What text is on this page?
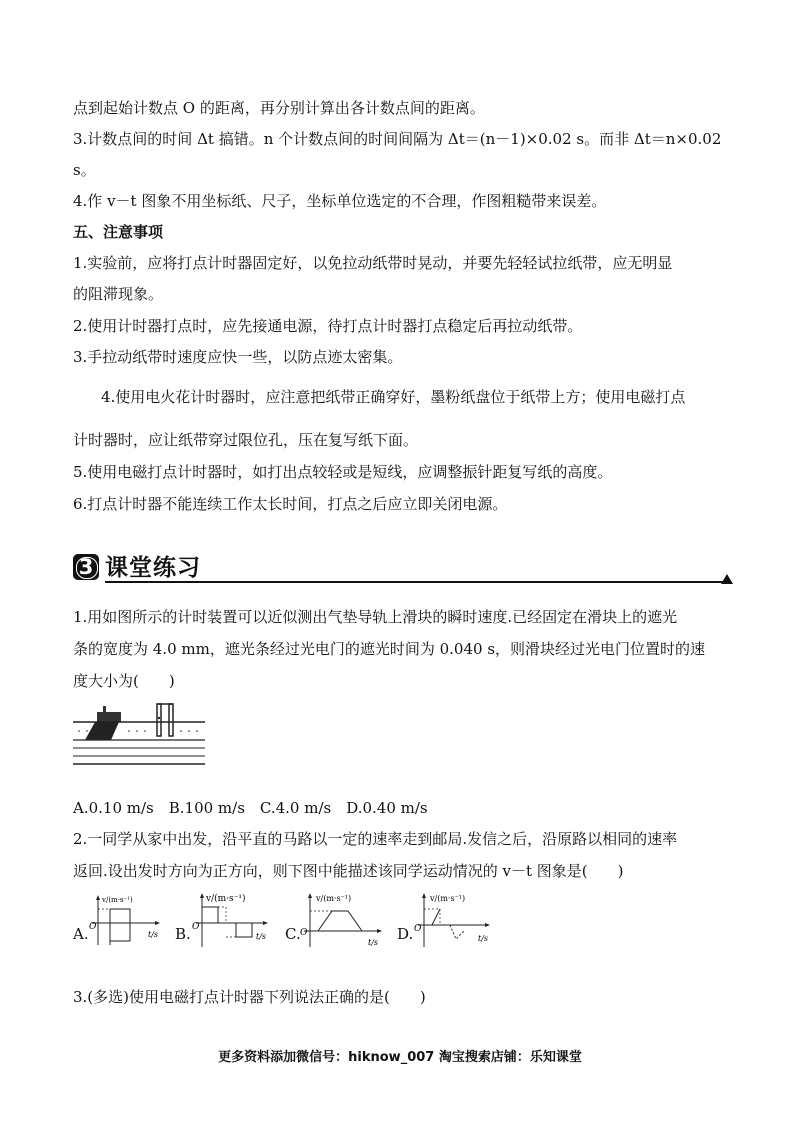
点到起始计数点 O 的距离，再分别计算出各计数点间的距离。
3.计数点间的时间 Δt 搞错。n 个计数点间的时间间隔为 Δt＝(n－1)×0.02 s。而非 Δt＝n×0.02
s。
4.作 v－t 图象不用坐标纸、尺子，坐标单位选定的不合理，作图粗糙带来误差。
五、注意事项
1.实验前，应将打点计时器固定好，以免拉动纸带时晃动，并要先轻轻试拉纸带，应无明显
的阻滞现象。
2.使用计时器打点时，应先接通电源，待打点计时器打点稳定后再拉动纸带。
3.手拉动纸带时速度应快一些，以防点迹太密集。
4.使用电火花计时器时，应注意把纸带正确穿好，墨粉纸盘位于纸带上方；使用电磁打点
计时器时，应让纸带穿过限位孔，压在复写纸下面。
5.使用电磁打点计时器时，如打出点较轻或是短线，应调整振针距复写纸的高度。
6.打点计时器不能连续工作太长时间，打点之后应立即关闭电源。
3 课堂练习
1.用如图所示的计时装置可以近似测出气垫导轨上滑块的瞬时速度.已经固定在滑块上的遮光
条的宽度为 4.0 mm，遮光条经过光电门的遮光时间为 0.040 s，则滑块经过光电门位置时的速
度大小为(　　)
A.0.10 m/s　B.100 m/s　C.4.0 m/s　D.0.40 m/s
2.一同学从家中出发，沿平直的马路以一定的速率走到邮局.发信之后，沿原路以相同的速率
返回.设出发时方向为正方向，则下图中能描述该同学运动情况的 v－t 图象是(　　)
A.
v/(m·s⁻¹)
O
t/s B.
v/(m·s⁻¹)
O
t/s C.
v/(m·s⁻¹)
O
t/s D.
v/(m·s⁻¹)
O
t/s
3.(多选)使用电磁打点计时器下列说法正确的是(　　)
更多资料添加微信号：hiknow_007 淘宝搜索店铺：乐知课堂
